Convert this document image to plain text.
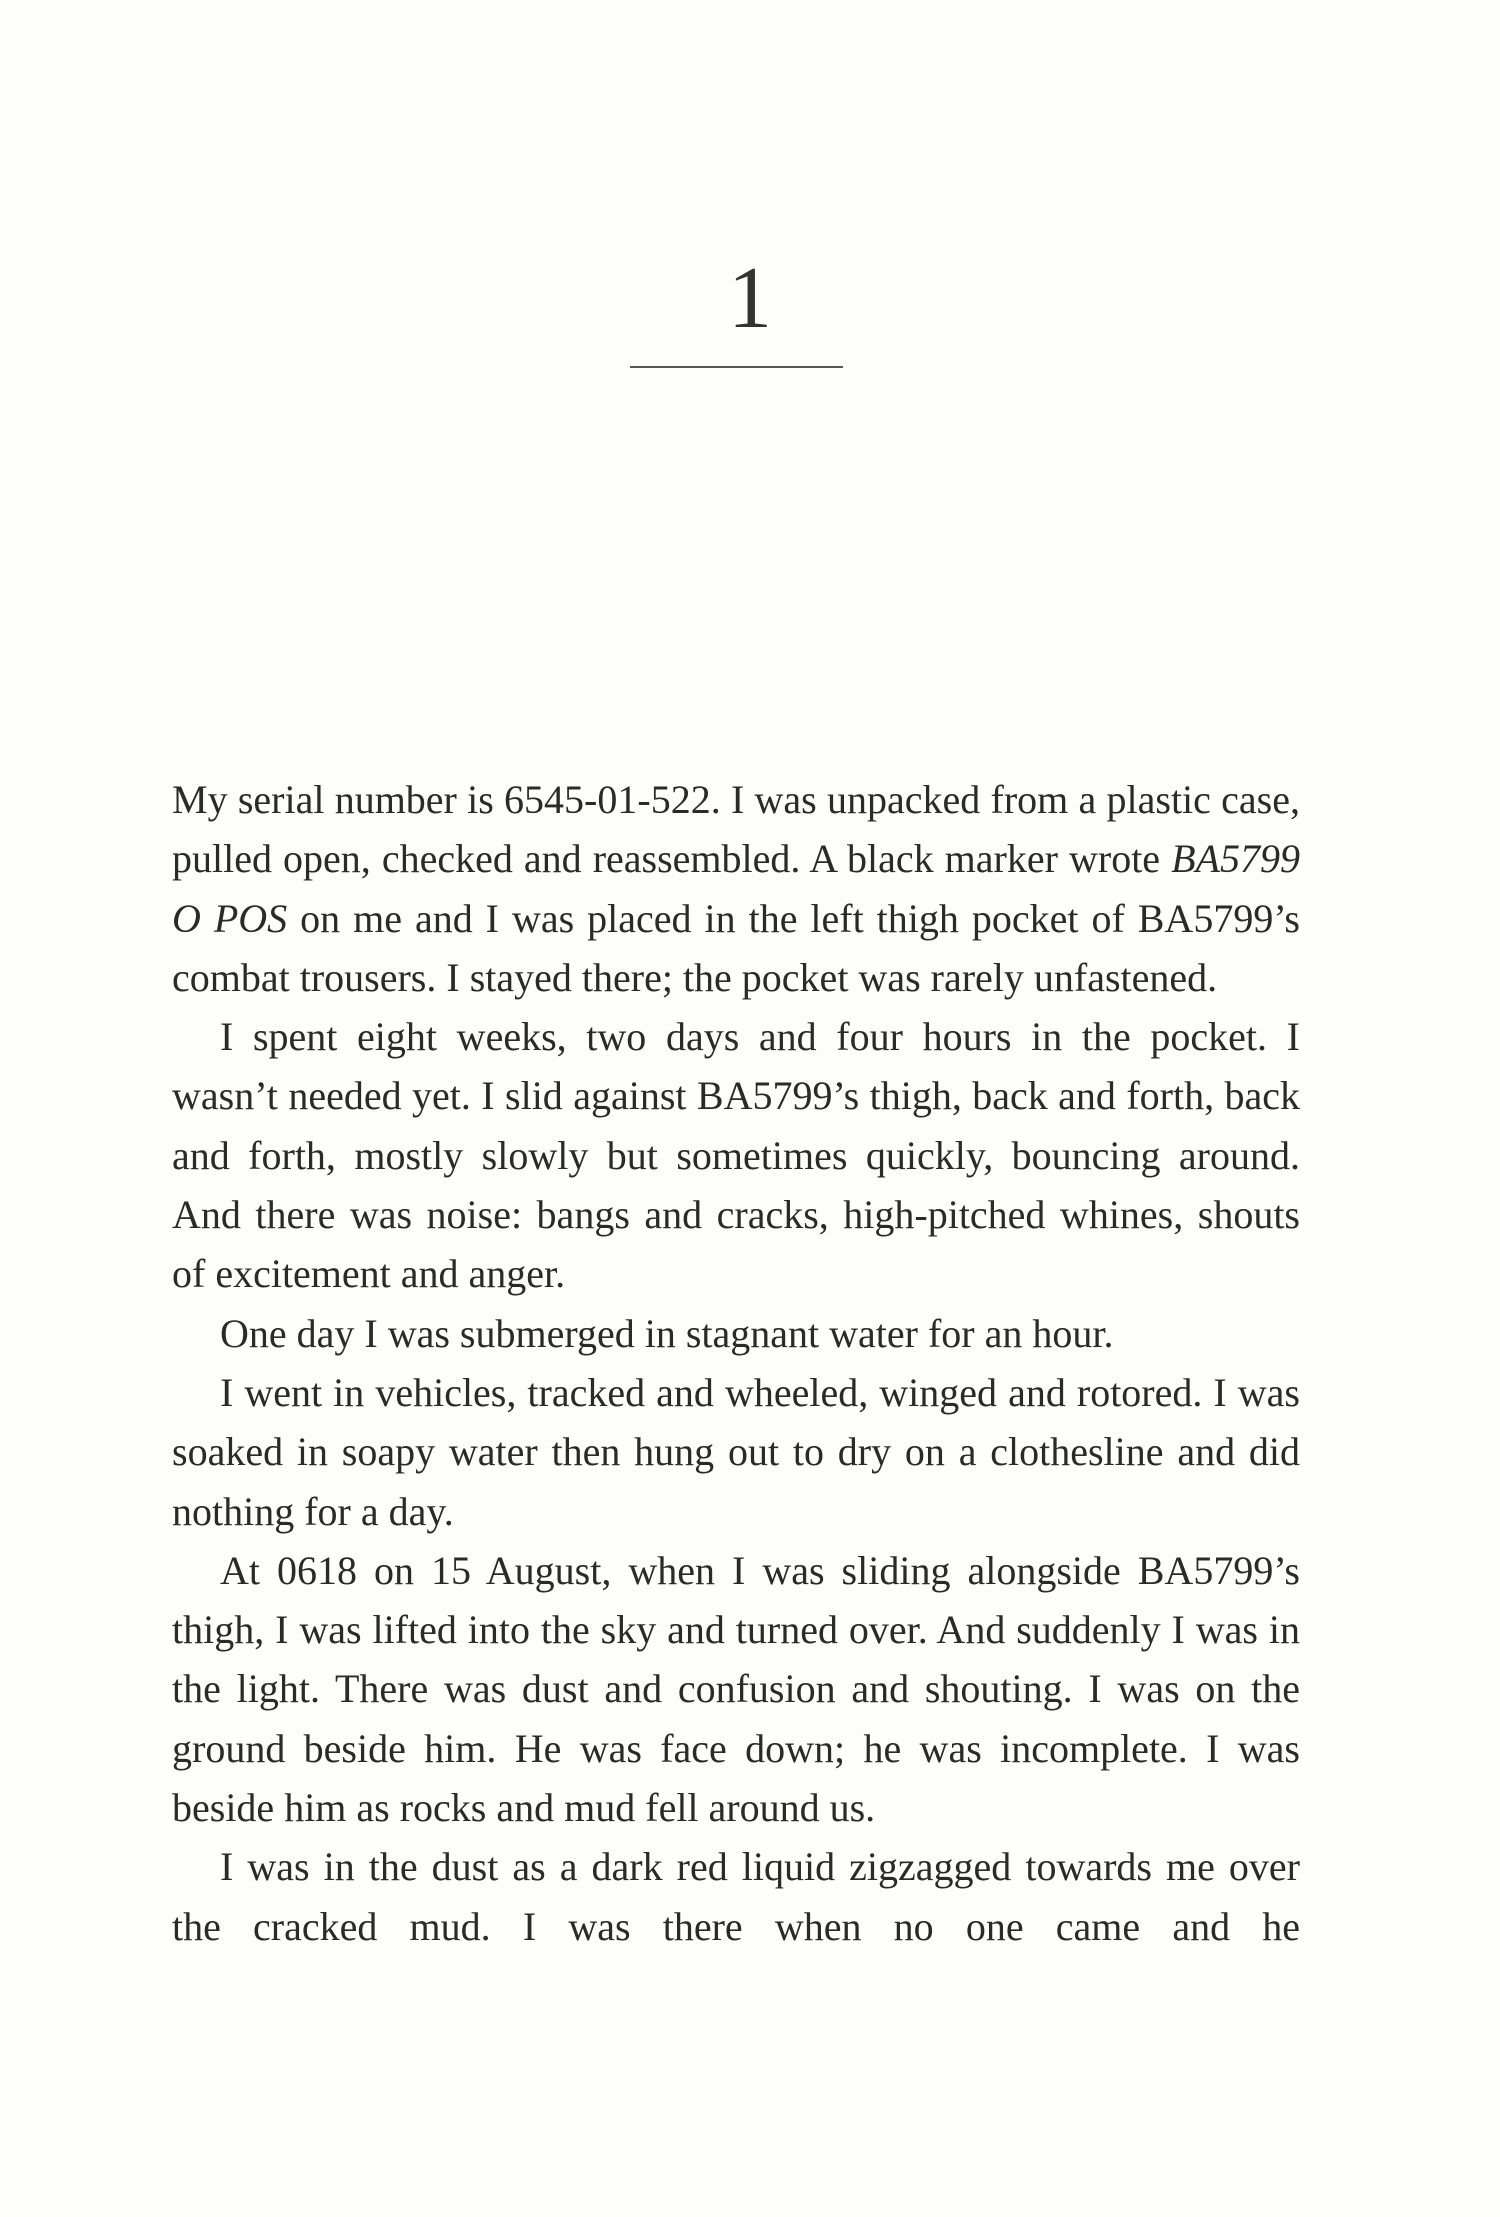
1

My serial number is 6545-01-522. I was unpacked from a plastic case, pulled open, checked and reassembled. A black marker wrote BA5799 O POS on me and I was placed in the left thigh pocket of BA5799’s combat trousers. I stayed there; the pocket was rarely unfastened.

I spent eight weeks, two days and four hours in the pocket. I wasn’t needed yet. I slid against BA5799’s thigh, back and forth, back and forth, mostly slowly but sometimes quickly, bouncing around. And there was noise: bangs and cracks, high-pitched whines, shouts of excitement and anger.

One day I was submerged in stagnant water for an hour.

I went in vehicles, tracked and wheeled, winged and rotored. I was soaked in soapy water then hung out to dry on a clothesline and did nothing for a day.

At 0618 on 15 August, when I was sliding alongside BA5799’s thigh, I was lifted into the sky and turned over. And suddenly I was in the light. There was dust and confusion and shouting. I was on the ground beside him. He was face down; he was incomplete. I was beside him as rocks and mud fell around us.

I was in the dust as a dark red liquid zigzagged towards me over the cracked mud. I was there when no one came and he
